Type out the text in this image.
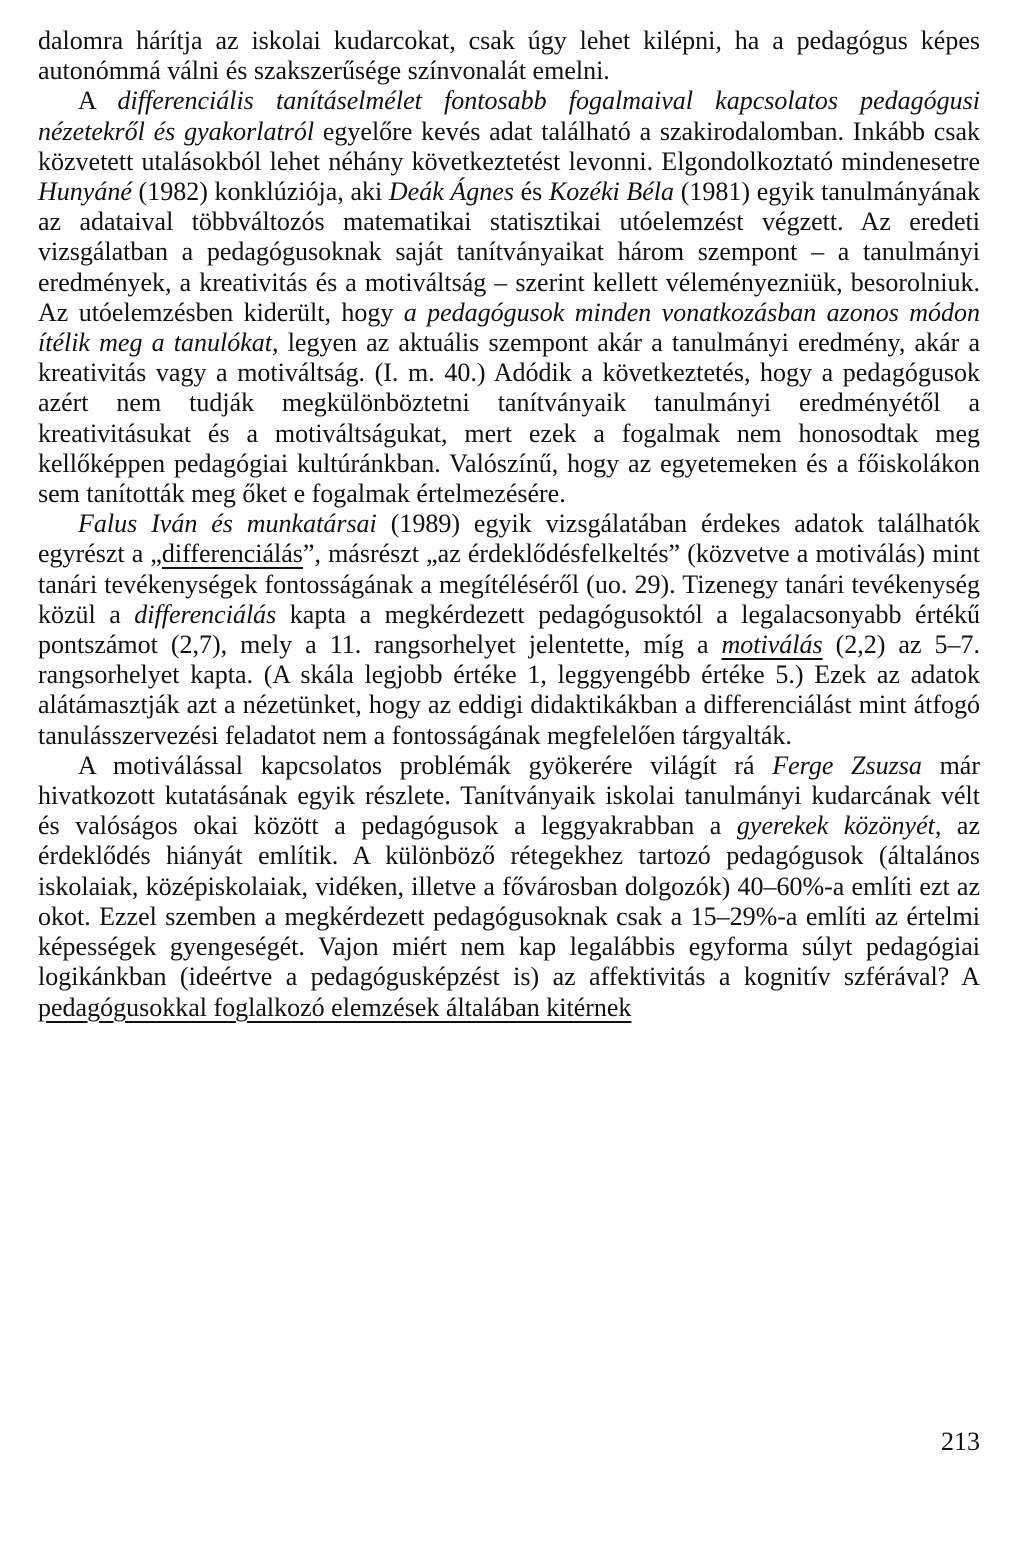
dalomra hárítja az iskolai kudarcokat, csak úgy lehet kilépni, ha a pedagógus képes autonómmá válni és szakszerűsége színvonalát emelni.

A differenciális tanításelmélet fontosabb fogalmaival kapcsolatos pedagógusi nézetekről és gyakorlatról egyelőre kevés adat található a szakirodalomban. Inkább csak közvetett utalásokból lehet néhány következtetést levonni. Elgondolkoztató mindenesetre Hunyáné (1982) konklúziója, aki Deák Ágnes és Kozéki Béla (1981) egyik tanulmányának az adataival többváltozós matematikai statisztikai utóelemzést végzett. Az eredeti vizsgálatban a pedagógusoknak saját tanítványaikat három szempont – a tanulmányi eredmények, a kreativitás és a motiváltság – szerint kellett véleményezniük, besorolniuk. Az utóelemzésben kiderült, hogy a pedagógusok minden vonatkozásban azonos módon ítélik meg a tanulókat, legyen az aktuális szempont akár a tanulmányi eredmény, akár a kreativitás vagy a motiváltság. (I. m. 40.) Adódik a következtetés, hogy a pedagógusok azért nem tudják megkülönböztetni tanítványaik tanulmányi eredményétől a kreativitásukat és a motiváltságukat, mert ezek a fogalmak nem honosodtak meg kellőképpen pedagógiai kultúránkban. Valószínű, hogy az egyetemeken és a főiskolákon sem tanították meg őket e fogalmak értelmezésére.

Falus Iván és munkatársai (1989) egyik vizsgálatában érdekes adatok találhatók egyrészt a „differenciálás”, másrészt „az érdeklődésfelkeltés” (közvetve a motiválás) mint tanári tevékenységek fontosságának a megítéléséről (uo. 29). Tizenegy tanári tevékenység közül a differenciálás kapta a megkérdezett pedagógusoktól a legalacsonyabb értékű pontszámot (2,7), mely a 11. rangsorhelyet jelentette, míg a motiválás (2,2) az 5–7. rangsorhelyet kapta. (A skála legjobb értéke 1, leggyengébb értéke 5.) Ezek az adatok alátámasztják azt a nézetünket, hogy az eddigi didaktikákban a differenciálást mint átfogó tanulásszervezési feladatot nem a fontosságának megfelelően tárgyalták.

A motiválással kapcsolatos problémák gyökerére világít rá Ferge Zsuzsa már hivatkozott kutatásának egyik részlete. Tanítványaik iskolai tanulmányi kudarcának vélt és valóságos okai között a pedagógusok a leggyakrabban a gyerekek közönyét, az érdeklődés hiányát említik. A különböző rétegekhez tartozó pedagógusok (általános iskolaiak, középiskolaiak, vidéken, illetve a fővárosban dolgozók) 40–60%-a említi ezt az okot. Ezzel szemben a megkérdezett pedagógusoknak csak a 15–29%-a említi az értelmi képességek gyengeségét. Vajon miért nem kap legalábbis egyforma súlyt pedagógiai logikánkban (ideértve a pedagógusképzést is) az affektivitás a kognitív szférával? A pedagógusokkal foglalkozó elemzések általában kitérnek

213
